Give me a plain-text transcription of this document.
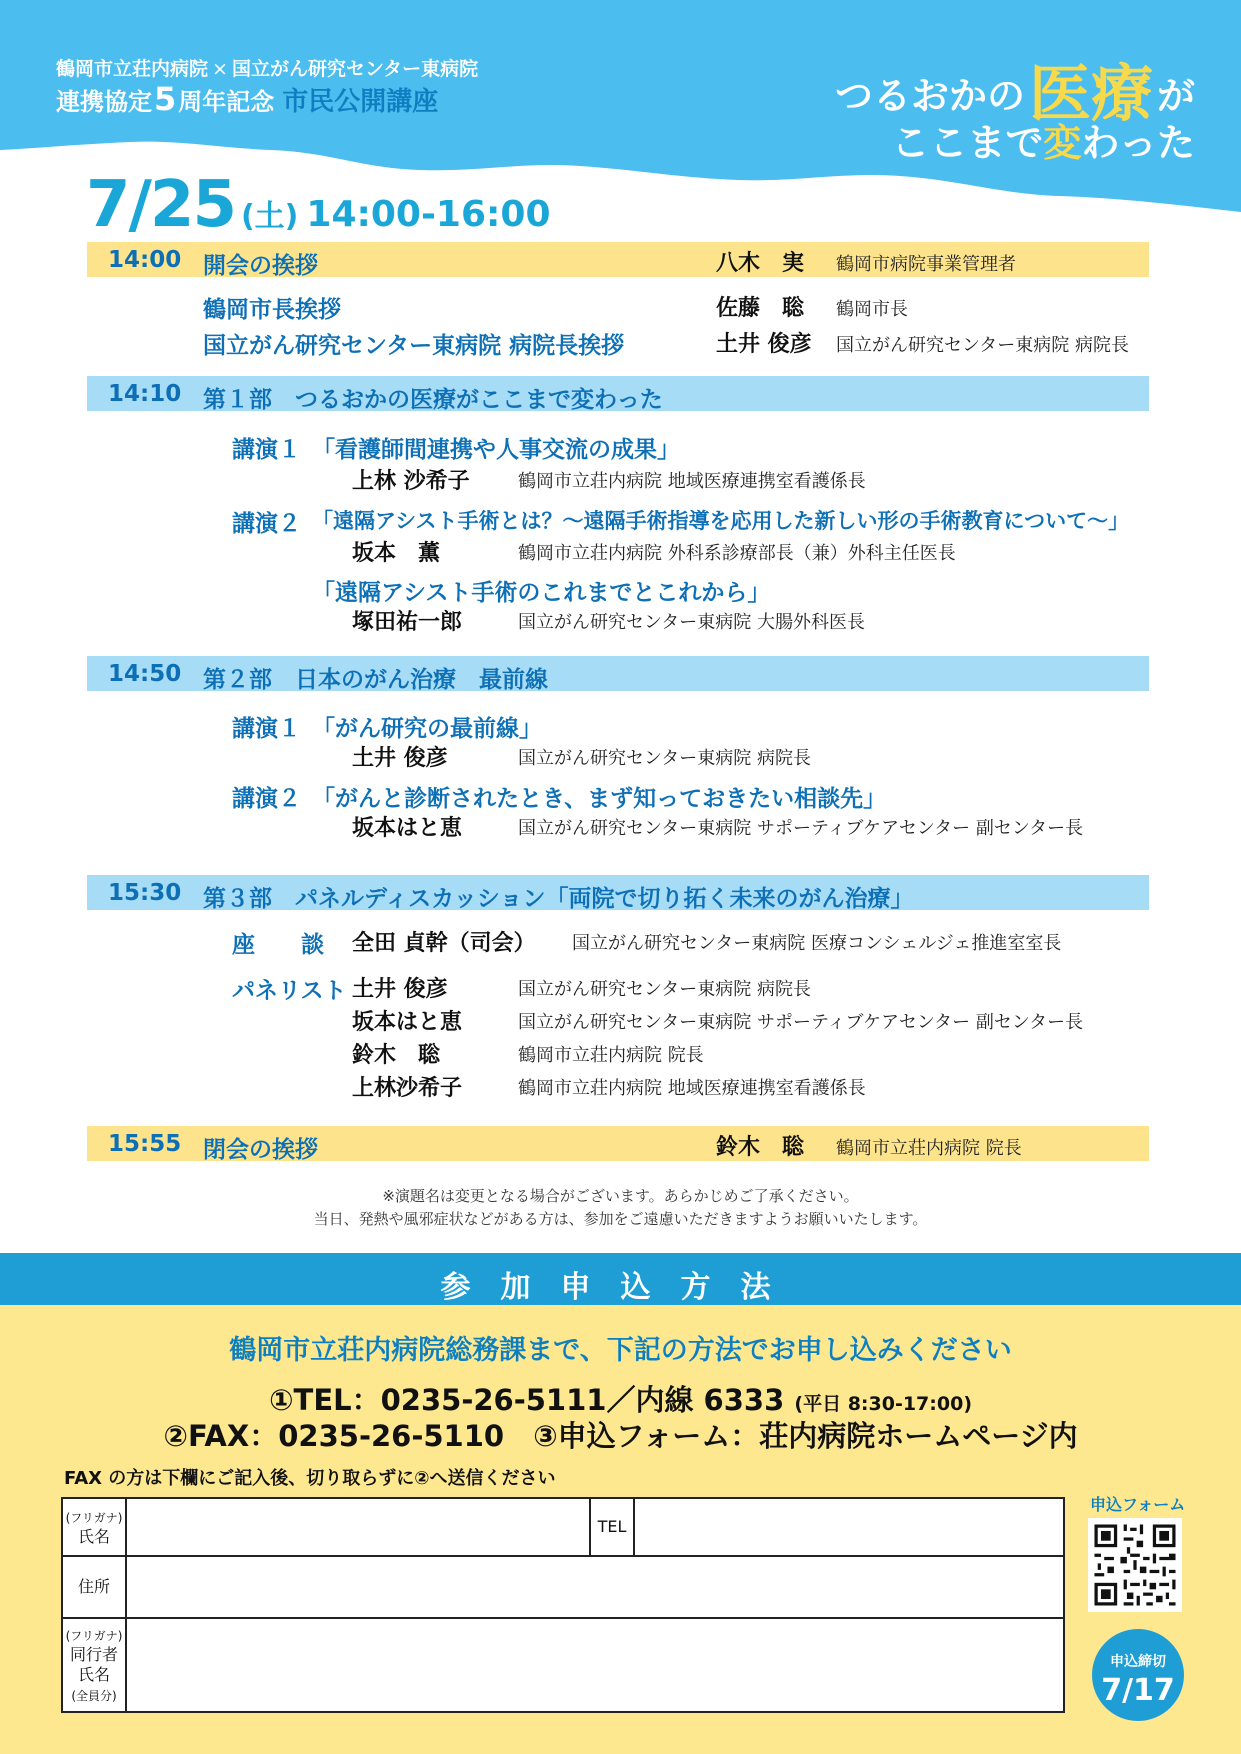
鶴岡市立荘内病院 × 国立がん研究センター東病院
連携協定5周年記念 市民公開講座	つるおかの医療 が
ここまで変わった
7/25 (土) 14:00-16:00
14:00 開会の挨拶	八木　実 鶴岡市病院事業管理者
鶴岡市長挨拶	佐藤　聡 鶴岡市長
国立がん研究センター東病院 病院長挨拶	土井 俊彦 国立がん研究センター東病院 病院長
14:10 第１部　つるおかの医療がここまで変わった
講演１ 「看護師間連携や人事交流の成果」
上林 沙希子	鶴岡市立荘内病院 地域医療連携室看護係長
講演２ 「遠隔アシスト手術とは？〜遠隔手術指導を応用した新しい形の手術教育について〜」
坂本　薫	鶴岡市立荘内病院 外科系診療部長（兼）外科主任医長
「遠隔アシスト手術のこれまでとこれから」
塚田祐一郎	国立がん研究センター東病院 大腸外科医長
14:50 第２部　日本のがん治療　最前線
講演１ 「がん研究の最前線」
土井 俊彦	国立がん研究センター東病院 病院長
講演２ 「がんと診断されたとき、まず知っておきたい相談先」
坂本はと恵	国立がん研究センター東病院 サポーティブケアセンター 副センター長
15:30 第３部　パネルディスカッション「両院で切り拓く未来のがん治療」
座　　談 全田 貞幹（司会） 国立がん研究センター東病院 医療コンシェルジェ推進室室長
パネリスト 土井 俊彦	国立がん研究センター東病院 病院長
坂本はと恵	国立がん研究センター東病院 サポーティブケアセンター 副センター長
鈴木　聡	鶴岡市立荘内病院 院長
上林沙希子	鶴岡市立荘内病院 地域医療連携室看護係長
15:55 閉会の挨拶	鈴木　聡 鶴岡市立荘内病院 院長
※演題名は変更となる場合がございます。あらかじめご了承ください。
当日、発熱や風邪症状などがある方は、参加をご遠慮いただきますようお願いいたします。
参加申込方法
鶴岡市立荘内病院総務課まで、下記の方法でお申し込みください
①TEL：0235-26-5111／内線 6333 (平日 8:30-17:00)
②FAX：0235-26-5110　③申込フォーム：荘内病院ホームページ内
FAX の方は下欄にご記入後、切り取らずに②へ送信ください
(フリガナ)
氏名		TEL	
住所			
(フリガナ)
同行者
氏名
(全員分)			
申込フォーム
申込締切
7/17
